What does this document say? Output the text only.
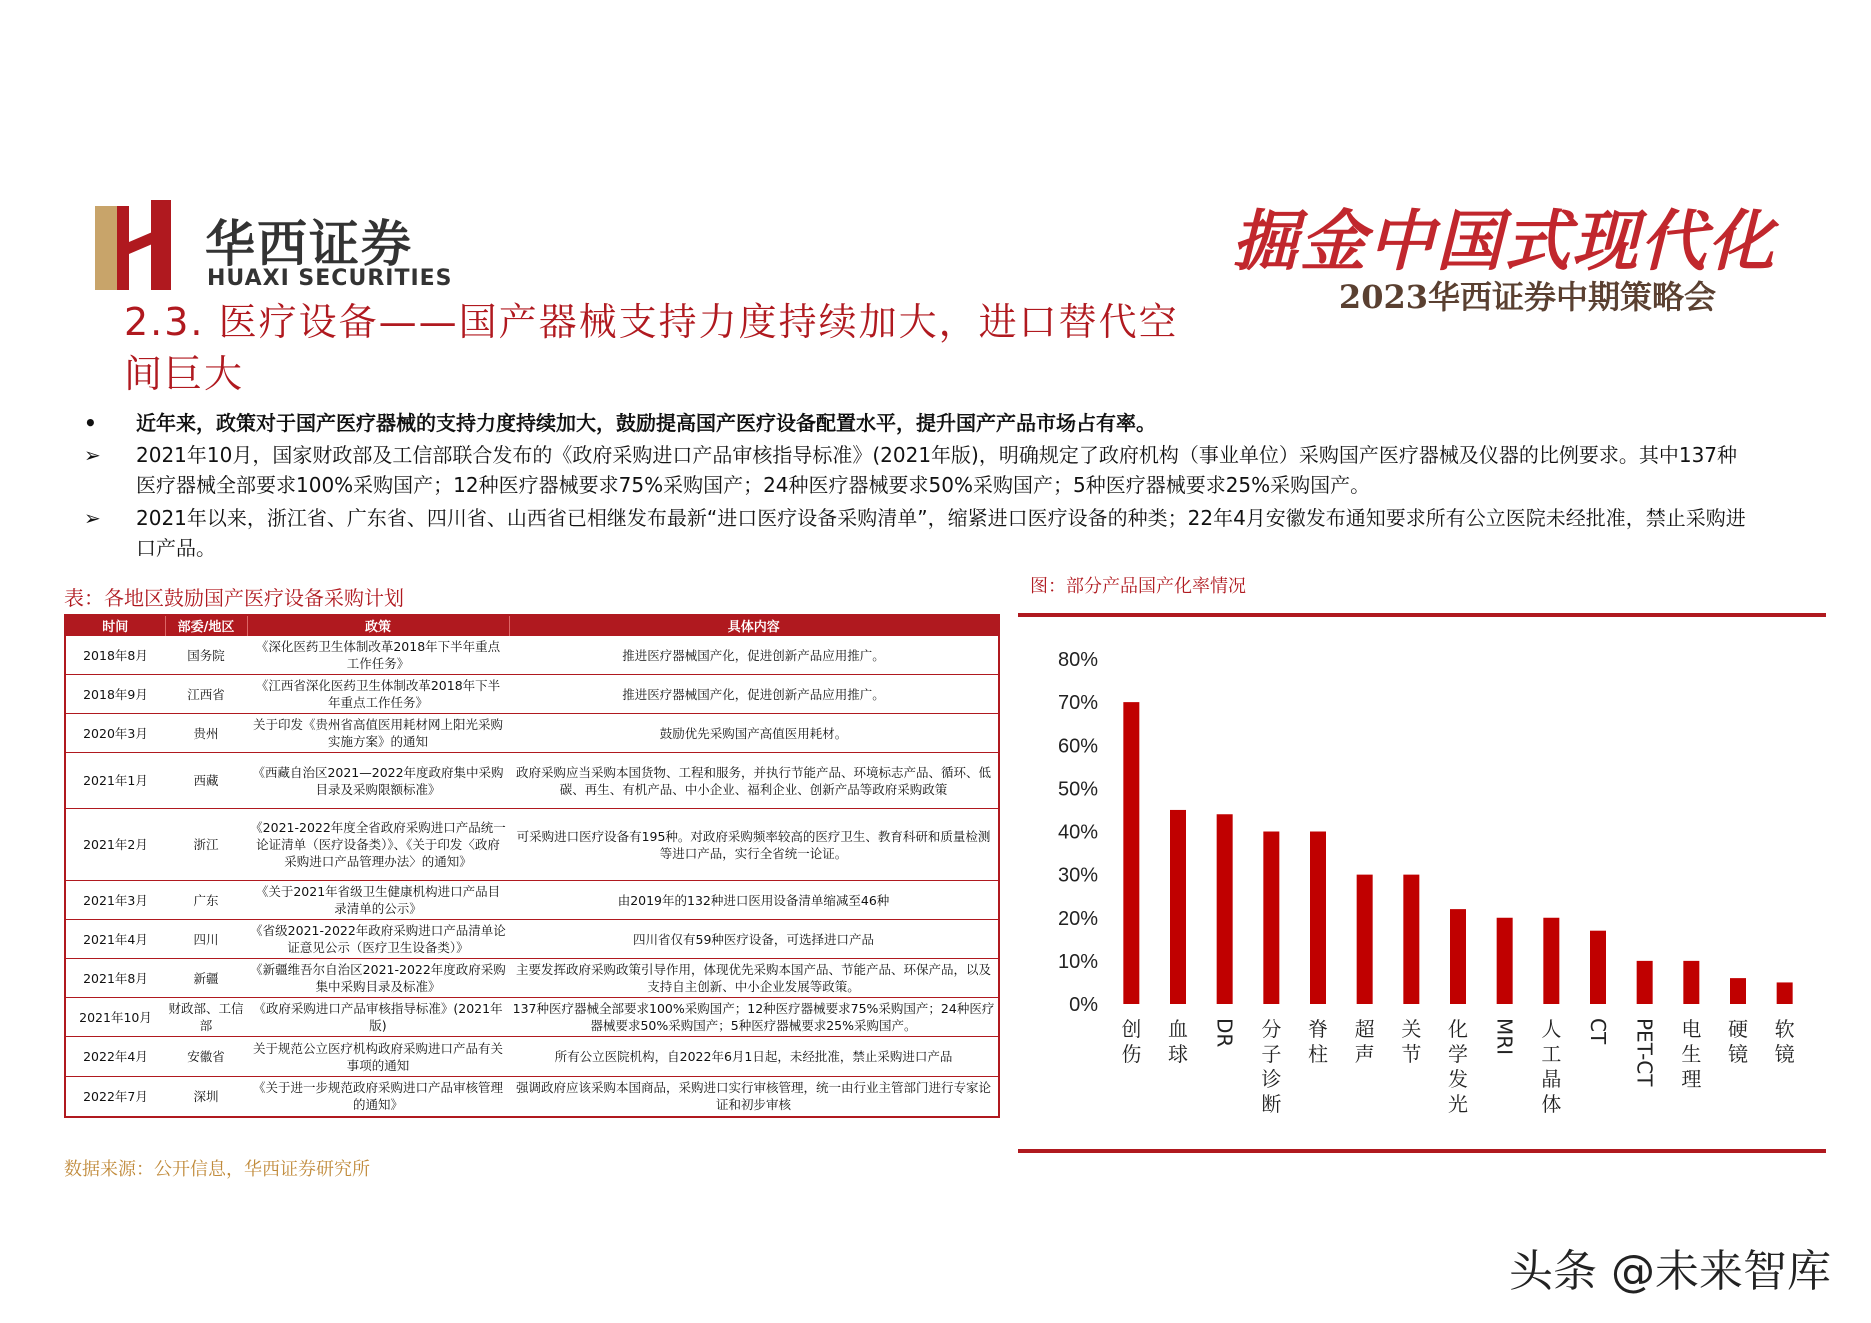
华西证券
HUAXI SECURITIES	掘金中国式现代化
2023华西证券中期策略会
2.3. 医疗设备——国产器械支持力度持续加大，进口替代空间巨大
•	近年来，政策对于国产医疗器械的支持力度持续加大，鼓励提高国产医疗设备配置水平，提升国产产品市场占有率。
➢	2021年10月，国家财政部及工信部联合发布的《政府采购进口产品审核指导标准》(2021年版)，明确规定了政府机构（事业单位）采购国产医疗器械及仪器的比例要求。其中137种医疗器械全部要求100%采购国产；12种医疗器械要求75%采购国产；24种医疗器械要求50%采购国产；5种医疗器械要求25%采购国产。
➢	2021年以来，浙江省、广东省、四川省、山西省已相继发布最新“进口医疗设备采购清单”，缩紧进口医疗设备的种类；22年4月安徽发布通知要求所有公立医院未经批准，禁止采购进口产品。
表：各地区鼓励国产医疗设备采购计划
时间	部委/地区	政策	具体内容
2018年8月	国务院	《深化医药卫生体制改革2018年下半年重点工作任务》	推进医疗器械国产化，促进创新产品应用推广。
2018年9月	江西省	《江西省深化医药卫生体制改革2018年下半年重点工作任务》	推进医疗器械国产化，促进创新产品应用推广。
2020年3月	贵州	关于印发《贵州省高值医用耗材网上阳光采购实施方案》的通知	鼓励优先采购国产高值医用耗材。
2021年1月	西藏	《西藏自治区2021—2022年度政府集中采购目录及采购限额标准》	政府采购应当采购本国货物、工程和服务，并执行节能产品、环境标志产品、循环、低碳、再生、有机产品、中小企业、福利企业、创新产品等政府采购政策
2021年2月	浙江	《2021-2022年度全省政府采购进口产品统一论证清单（医疗设备类）》、《关于印发〈政府采购进口产品管理办法〉的通知》	可采购进口医疗设备有195种。对政府采购频率较高的医疗卫生、教育科研和质量检测等进口产品，实行全省统一论证。
2021年3月	广东	《关于2021年省级卫生健康机构进口产品目录清单的公示》	由2019年的132种进口医用设备清单缩减至46种
2021年4月	四川	《省级2021-2022年政府采购进口产品清单论证意见公示（医疗卫生设备类）》	四川省仅有59种医疗设备，可选择进口产品
2021年8月	新疆	《新疆维吾尔自治区2021-2022年度政府采购集中采购目录及标准》	主要发挥政府采购政策引导作用，体现优先采购本国产品、节能产品、环保产品，以及支持自主创新、中小企业发展等政策。
2021年10月	财政部、工信部	《政府采购进口产品审核指导标准》(2021年版)	137种医疗器械全部要求100%采购国产；12种医疗器械要求75%采购国产；24种医疗器械要求50%采购国产；5种医疗器械要求25%采购国产。
2022年4月	安徽省	关于规范公立医疗机构政府采购进口产品有关事项的通知	所有公立医院机构，自2022年6月1日起，未经批准，禁止采购进口产品
2022年7月	深圳	《关于进一步规范政府采购进口产品审核管理的通知》	强调政府应该采购本国商品，采购进口实行审核管理，统一由行业主管部门进行专家论证和初步审核
数据来源：公开信息，华西证券研究所
图：部分产品国产化率情况
0%
10%
20%
30%
40%
50%
60%
70%
80%
创伤
血球
DR 分子诊断
脊柱
超声
关节
化学发光
MRI 人工晶体
CT PET-CT 电生理
硬镜
软镜
头条 @未来智库
